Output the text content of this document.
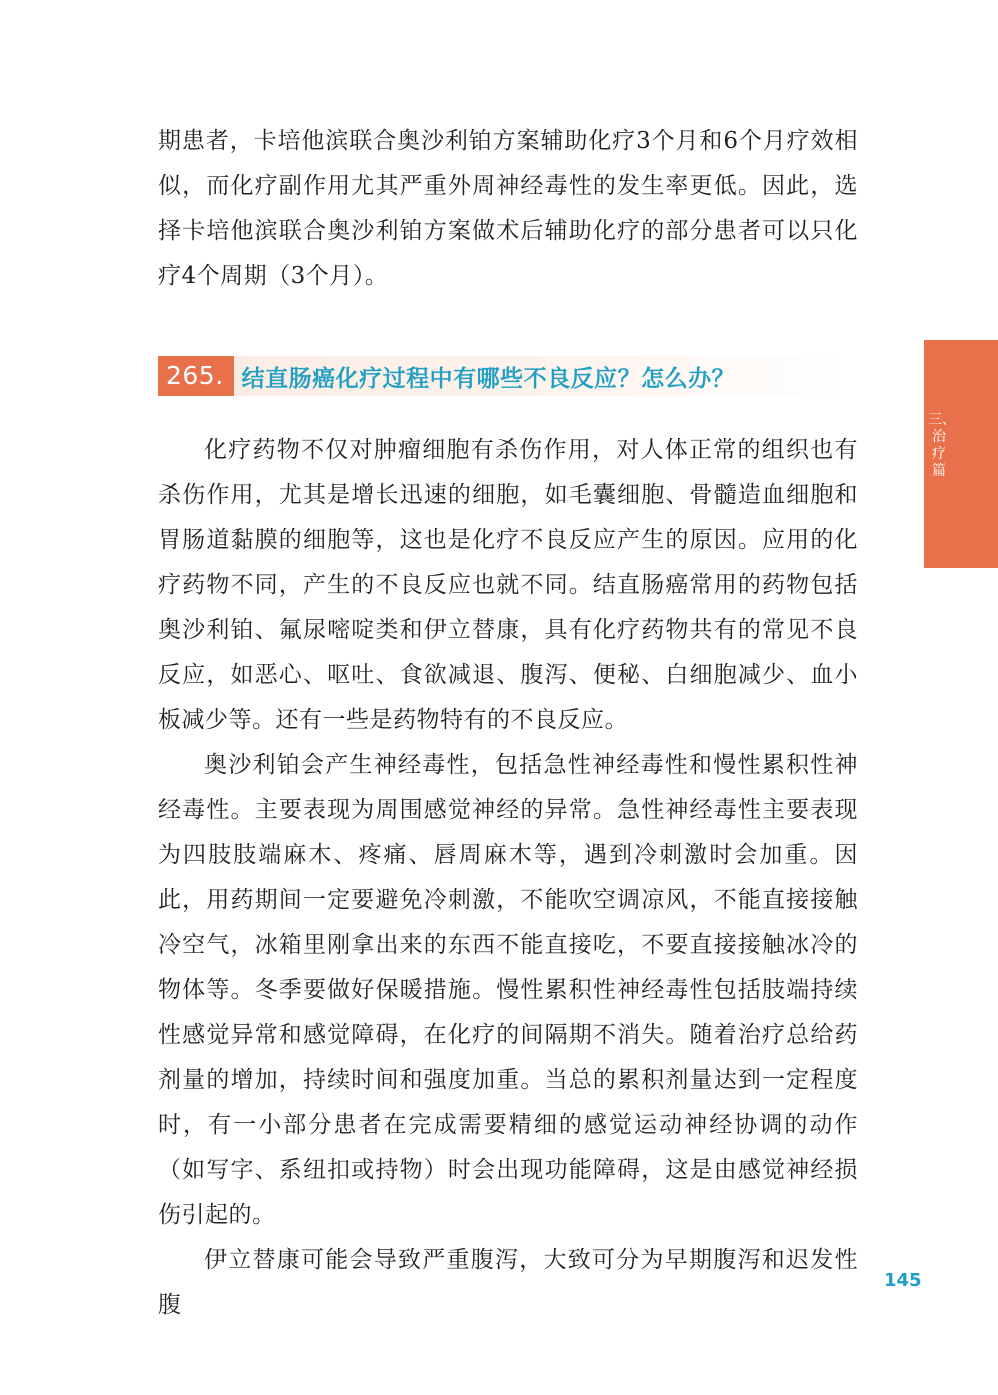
期患者，卡培他滨联合奥沙利铂方案辅助化疗3个月和6个月疗效相似，而化疗副作用尤其严重外周神经毒性的发生率更低。因此，选择卡培他滨联合奥沙利铂方案做术后辅助化疗的部分患者可以只化疗4个周期（3个月）。

265. 结直肠癌化疗过程中有哪些不良反应？怎么办？

化疗药物不仅对肿瘤细胞有杀伤作用，对人体正常的组织也有杀伤作用，尤其是增长迅速的细胞，如毛囊细胞、骨髓造血细胞和胃肠道黏膜的细胞等，这也是化疗不良反应产生的原因。应用的化疗药物不同，产生的不良反应也就不同。结直肠癌常用的药物包括奥沙利铂、氟尿嘧啶类和伊立替康，具有化疗药物共有的常见不良反应，如恶心、呕吐、食欲减退、腹泻、便秘、白细胞减少、血小板减少等。还有一些是药物特有的不良反应。

奥沙利铂会产生神经毒性，包括急性神经毒性和慢性累积性神经毒性。主要表现为周围感觉神经的异常。急性神经毒性主要表现为四肢肢端麻木、疼痛、唇周麻木等，遇到冷刺激时会加重。因此，用药期间一定要避免冷刺激，不能吹空调凉风，不能直接接触冷空气，冰箱里刚拿出来的东西不能直接吃，不要直接接触冰冷的物体等。冬季要做好保暖措施。慢性累积性神经毒性包括肢端持续性感觉异常和感觉障碍，在化疗的间隔期不消失。随着治疗总给药剂量的增加，持续时间和强度加重。当总的累积剂量达到一定程度时，有一小部分患者在完成需要精细的感觉运动神经协调的动作（如写字、系纽扣或持物）时会出现功能障碍，这是由感觉神经损伤引起的。

伊立替康可能会导致严重腹泻，大致可分为早期腹泻和迟发性腹

三、治疗篇
145
